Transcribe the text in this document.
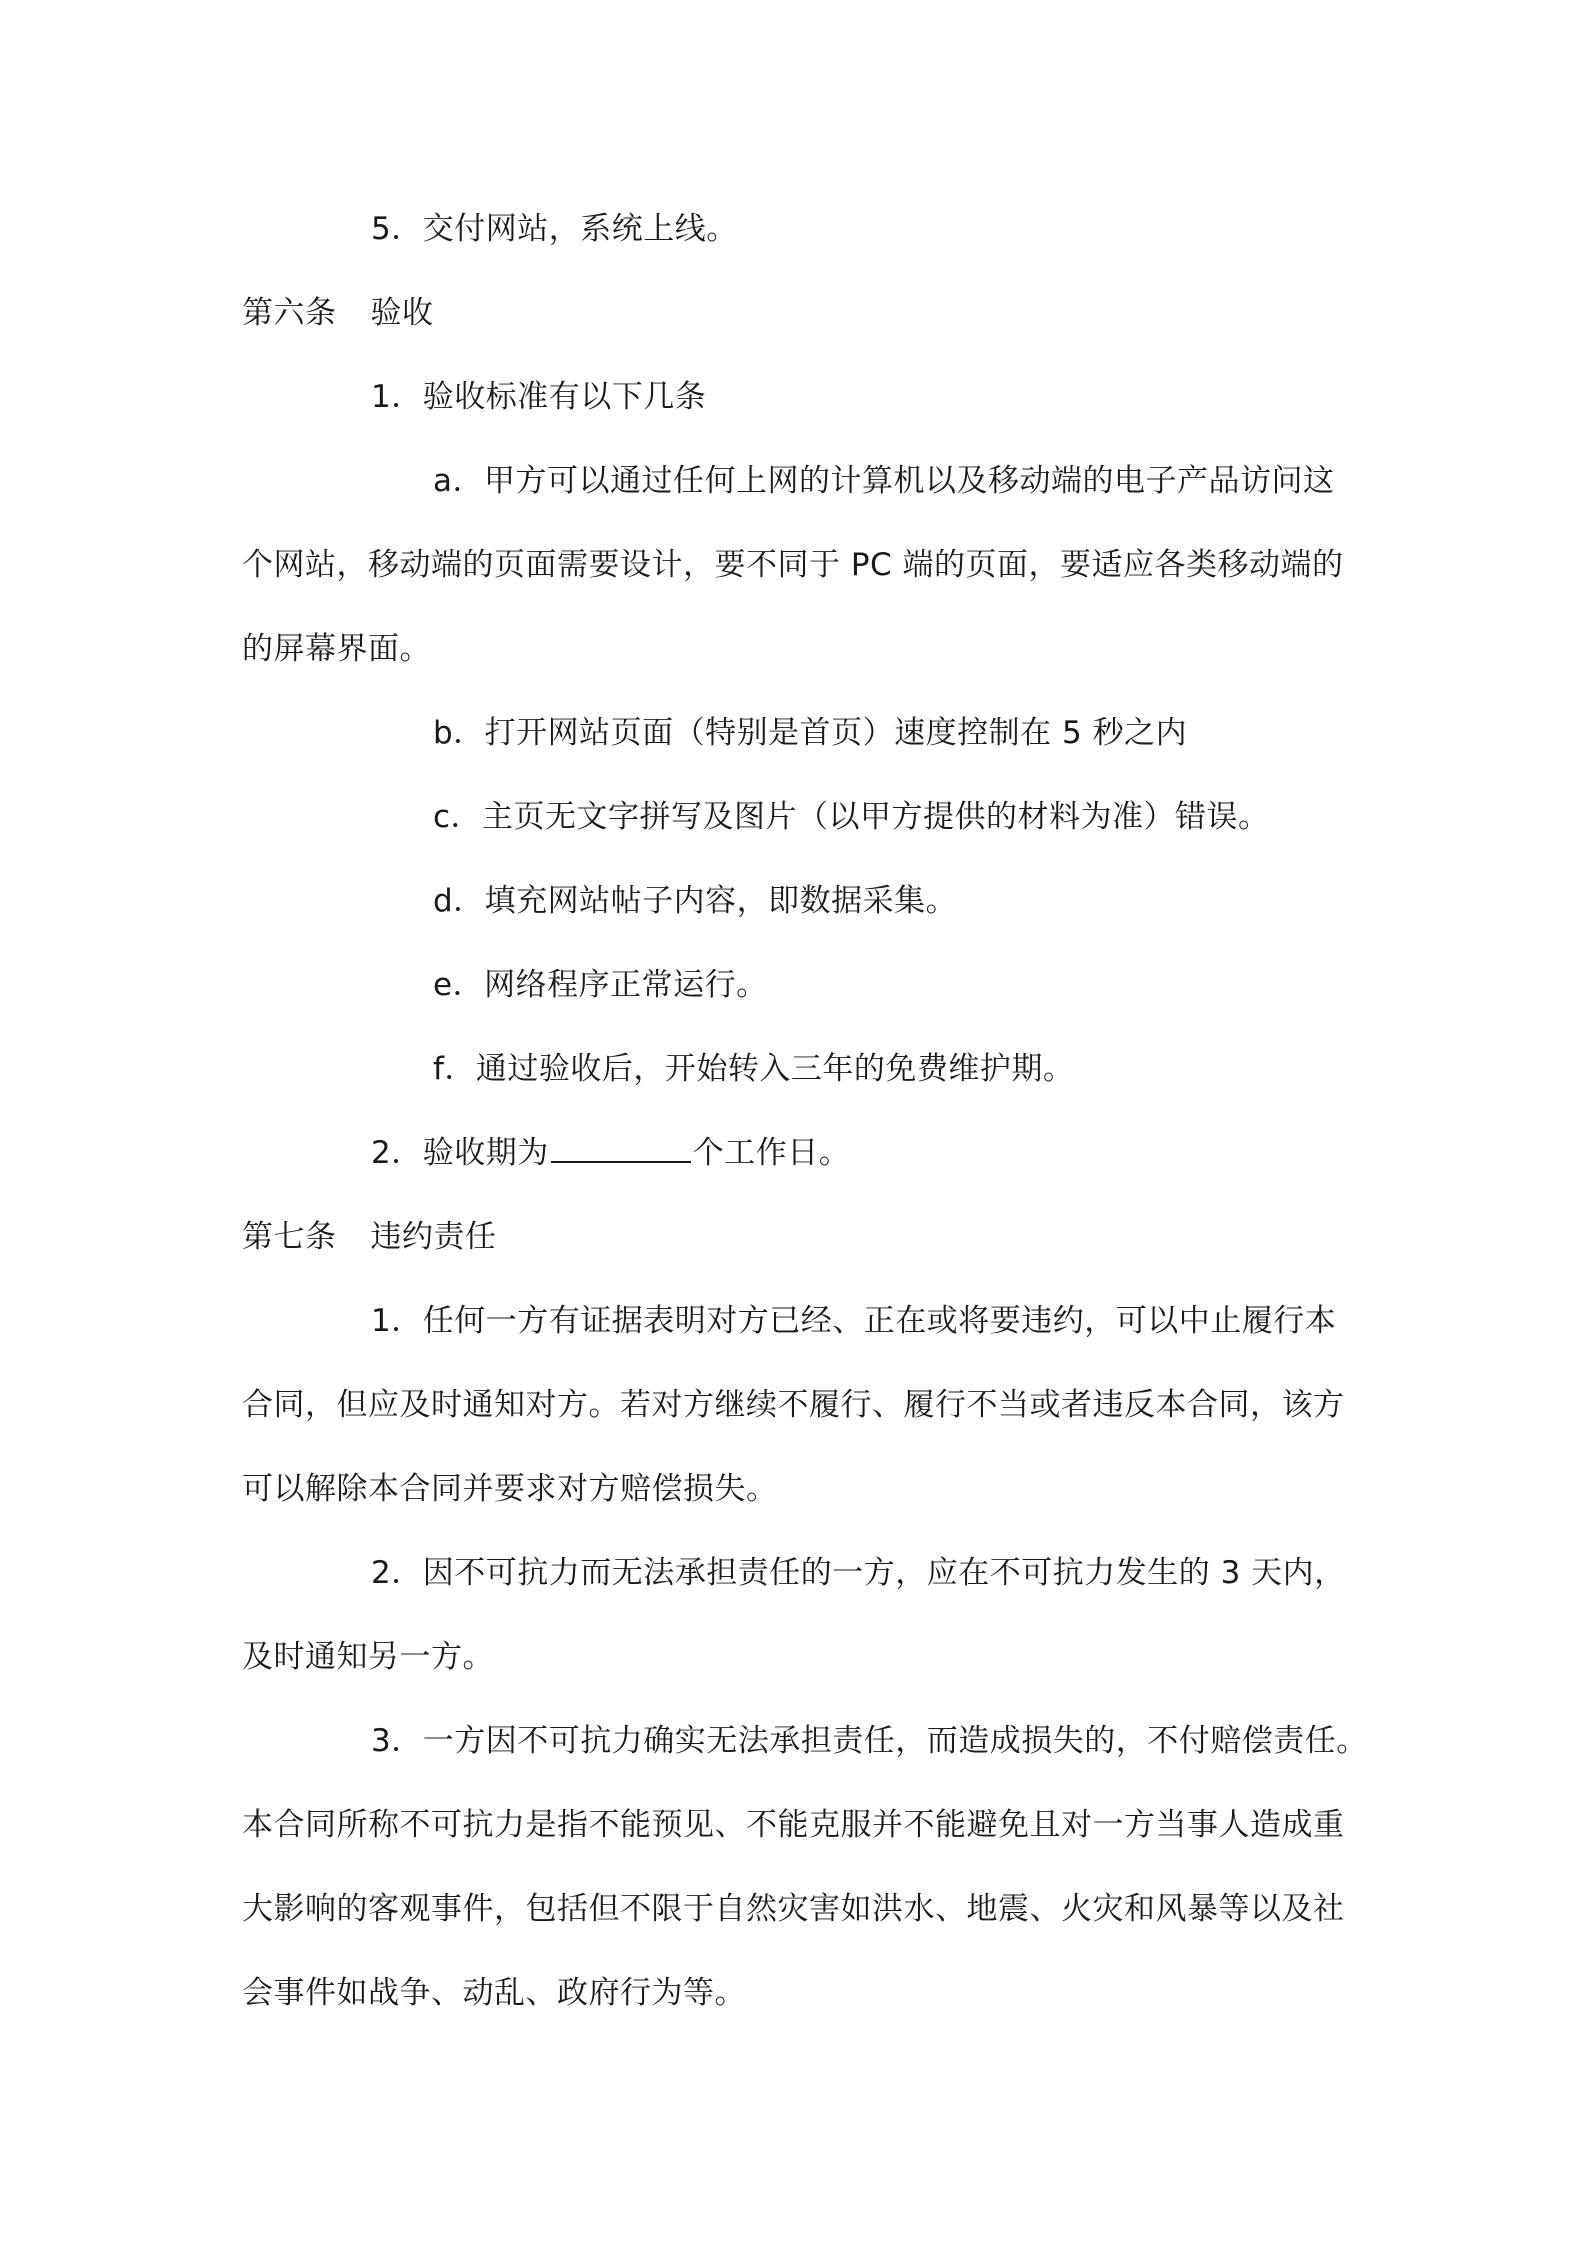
5．交付网站，系统上线。
第六条 验收
1．验收标准有以下几条
a．甲方可以通过任何上网的计算机以及移动端的电子产品访问这
个网站，移动端的页面需要设计，要不同于 PC 端的页面，要适应各类移动端的
的屏幕界面。
b．打开网站页面（特别是首页）速度控制在 5 秒之内
c．主页无文字拼写及图片（以甲方提供的材料为准）错误。
d．填充网站帖子内容，即数据采集。
e．网络程序正常运行。
f．通过验收后，开始转入三年的免费维护期。
2．验收期为	个工作日。
第七条 违约责任
1．任何一方有证据表明对方已经、正在或将要违约，可以中止履行本
合同，但应及时通知对方。若对方继续不履行、履行不当或者违反本合同，该方
可以解除本合同并要求对方赔偿损失。
2．因不可抗力而无法承担责任的一方，应在不可抗力发生的 3 天内，
及时通知另一方。
3．一方因不可抗力确实无法承担责任，而造成损失的，不付赔偿责任。
本合同所称不可抗力是指不能预见、不能克服并不能避免且对一方当事人造成重
大影响的客观事件，包括但不限于自然灾害如洪水、地震、火灾和风暴等以及社
会事件如战争、动乱、政府行为等。
